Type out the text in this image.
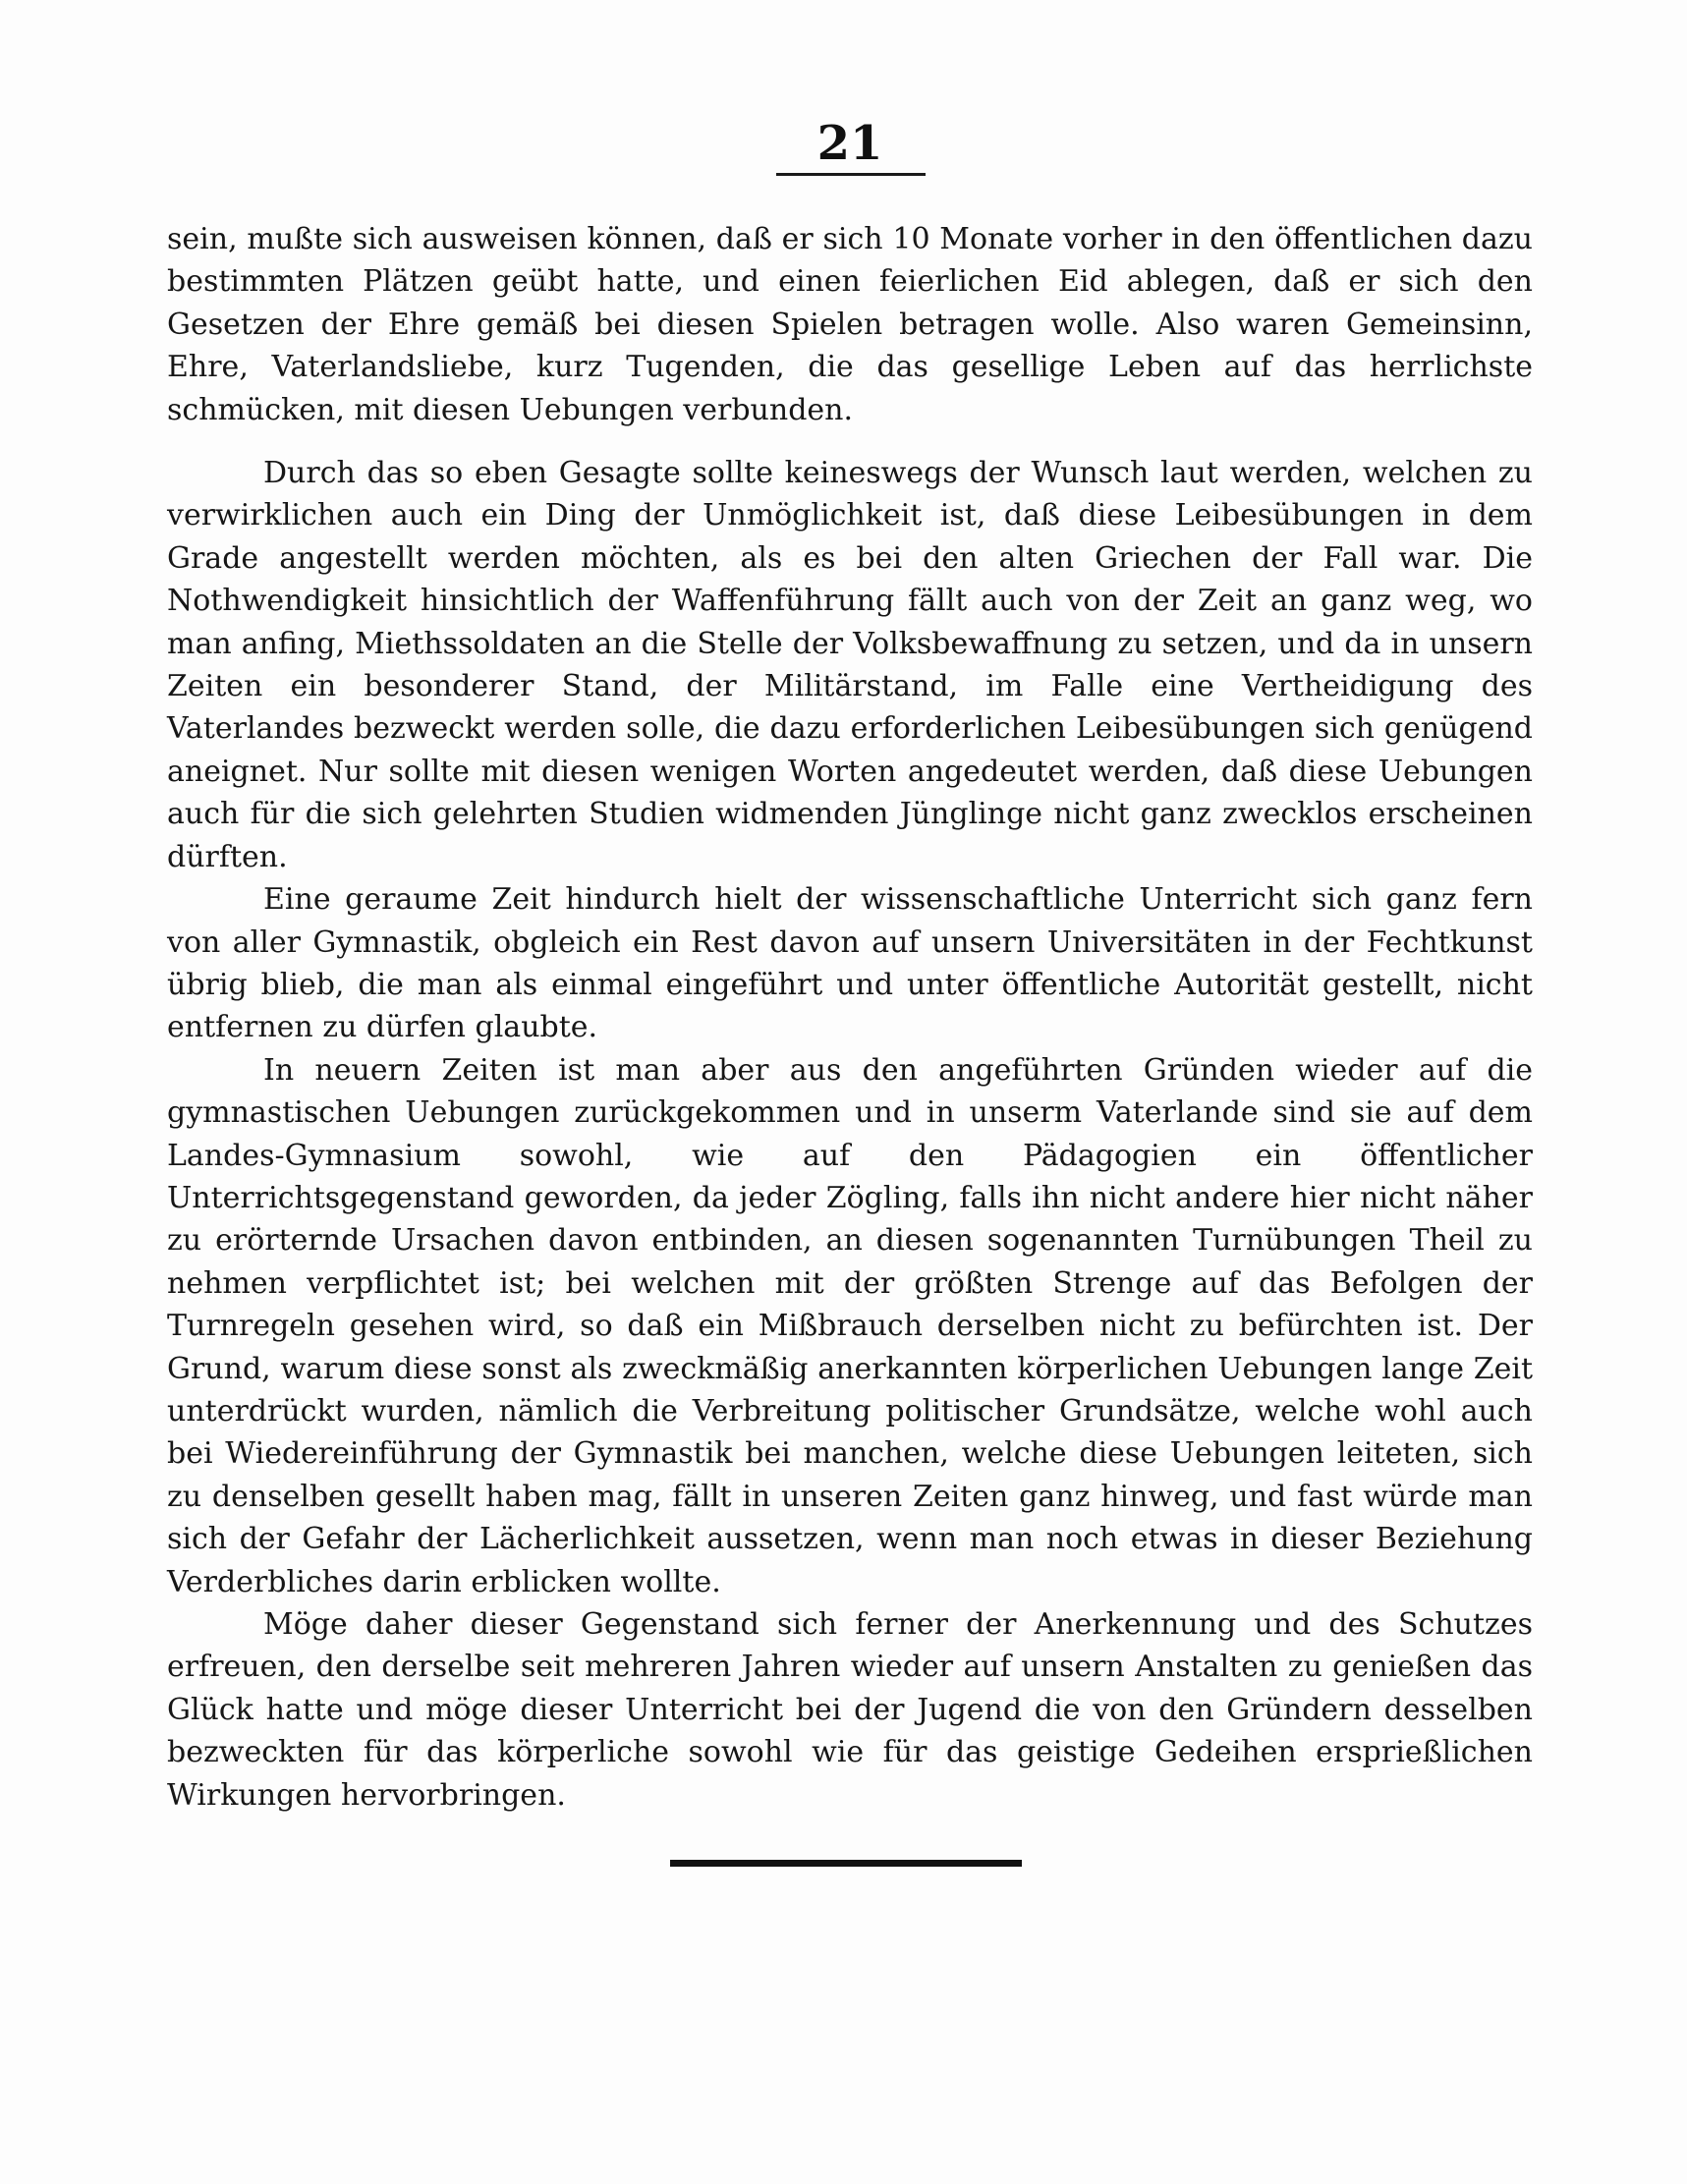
21

sein, mußte sich ausweisen können, daß er sich 10 Monate vorher in den öffentlichen dazu bestimmten Plätzen geübt hatte, und einen feierlichen Eid ablegen, daß er sich den Gesetzen der Ehre gemäß bei diesen Spielen betragen wolle. Also waren Gemeinsinn, Ehre, Vaterlandsliebe, kurz Tugenden, die das gesellige Leben auf das herrlichste schmücken, mit diesen Uebungen verbunden.

Durch das so eben Gesagte sollte keineswegs der Wunsch laut werden, welchen zu verwirklichen auch ein Ding der Unmöglichkeit ist, daß diese Leibesübungen in dem Grade angestellt werden möchten, als es bei den alten Griechen der Fall war. Die Nothwendigkeit hinsichtlich der Waffenführung fällt auch von der Zeit an ganz weg, wo man anfing, Miethssoldaten an die Stelle der Volksbewaffnung zu setzen, und da in unsern Zeiten ein besonderer Stand, der Militärstand, im Falle eine Vertheidigung des Vaterlandes bezweckt werden solle, die dazu erforderlichen Leibesübungen sich genügend aneignet. Nur sollte mit diesen wenigen Worten angedeutet werden, daß diese Uebungen auch für die sich gelehrten Studien widmenden Jünglinge nicht ganz zwecklos erscheinen dürften.

Eine geraume Zeit hindurch hielt der wissenschaftliche Unterricht sich ganz fern von aller Gymnastik, obgleich ein Rest davon auf unsern Universitäten in der Fechtkunst übrig blieb, die man als einmal eingeführt und unter öffentliche Autorität gestellt, nicht entfernen zu dürfen glaubte.

In neuern Zeiten ist man aber aus den angeführten Gründen wieder auf die gymnastischen Uebungen zurückgekommen und in unserm Vaterlande sind sie auf dem Landes-Gymnasium sowohl, wie auf den Pädagogien ein öffentlicher Unterrichtsgegenstand geworden, da jeder Zögling, falls ihn nicht andere hier nicht näher zu erörternde Ursachen davon entbinden, an diesen sogenannten Turnübungen Theil zu nehmen verpflichtet ist; bei welchen mit der größten Strenge auf das Befolgen der Turnregeln gesehen wird, so daß ein Mißbrauch derselben nicht zu befürchten ist. Der Grund, warum diese sonst als zweckmäßig anerkannten körperlichen Uebungen lange Zeit unterdrückt wurden, nämlich die Verbreitung politischer Grundsätze, welche wohl auch bei Wiedereinführung der Gymnastik bei manchen, welche diese Uebungen leiteten, sich zu denselben gesellt haben mag, fällt in unseren Zeiten ganz hinweg, und fast würde man sich der Gefahr der Lächerlichkeit aussetzen, wenn man noch etwas in dieser Beziehung Verderbliches darin erblicken wollte.

Möge daher dieser Gegenstand sich ferner der Anerkennung und des Schutzes erfreuen, den derselbe seit mehreren Jahren wieder auf unsern Anstalten zu genießen das Glück hatte und möge dieser Unterricht bei der Jugend die von den Gründern desselben bezweckten für das körperliche sowohl wie für das geistige Gedeihen ersprießlichen Wirkungen hervorbringen.
